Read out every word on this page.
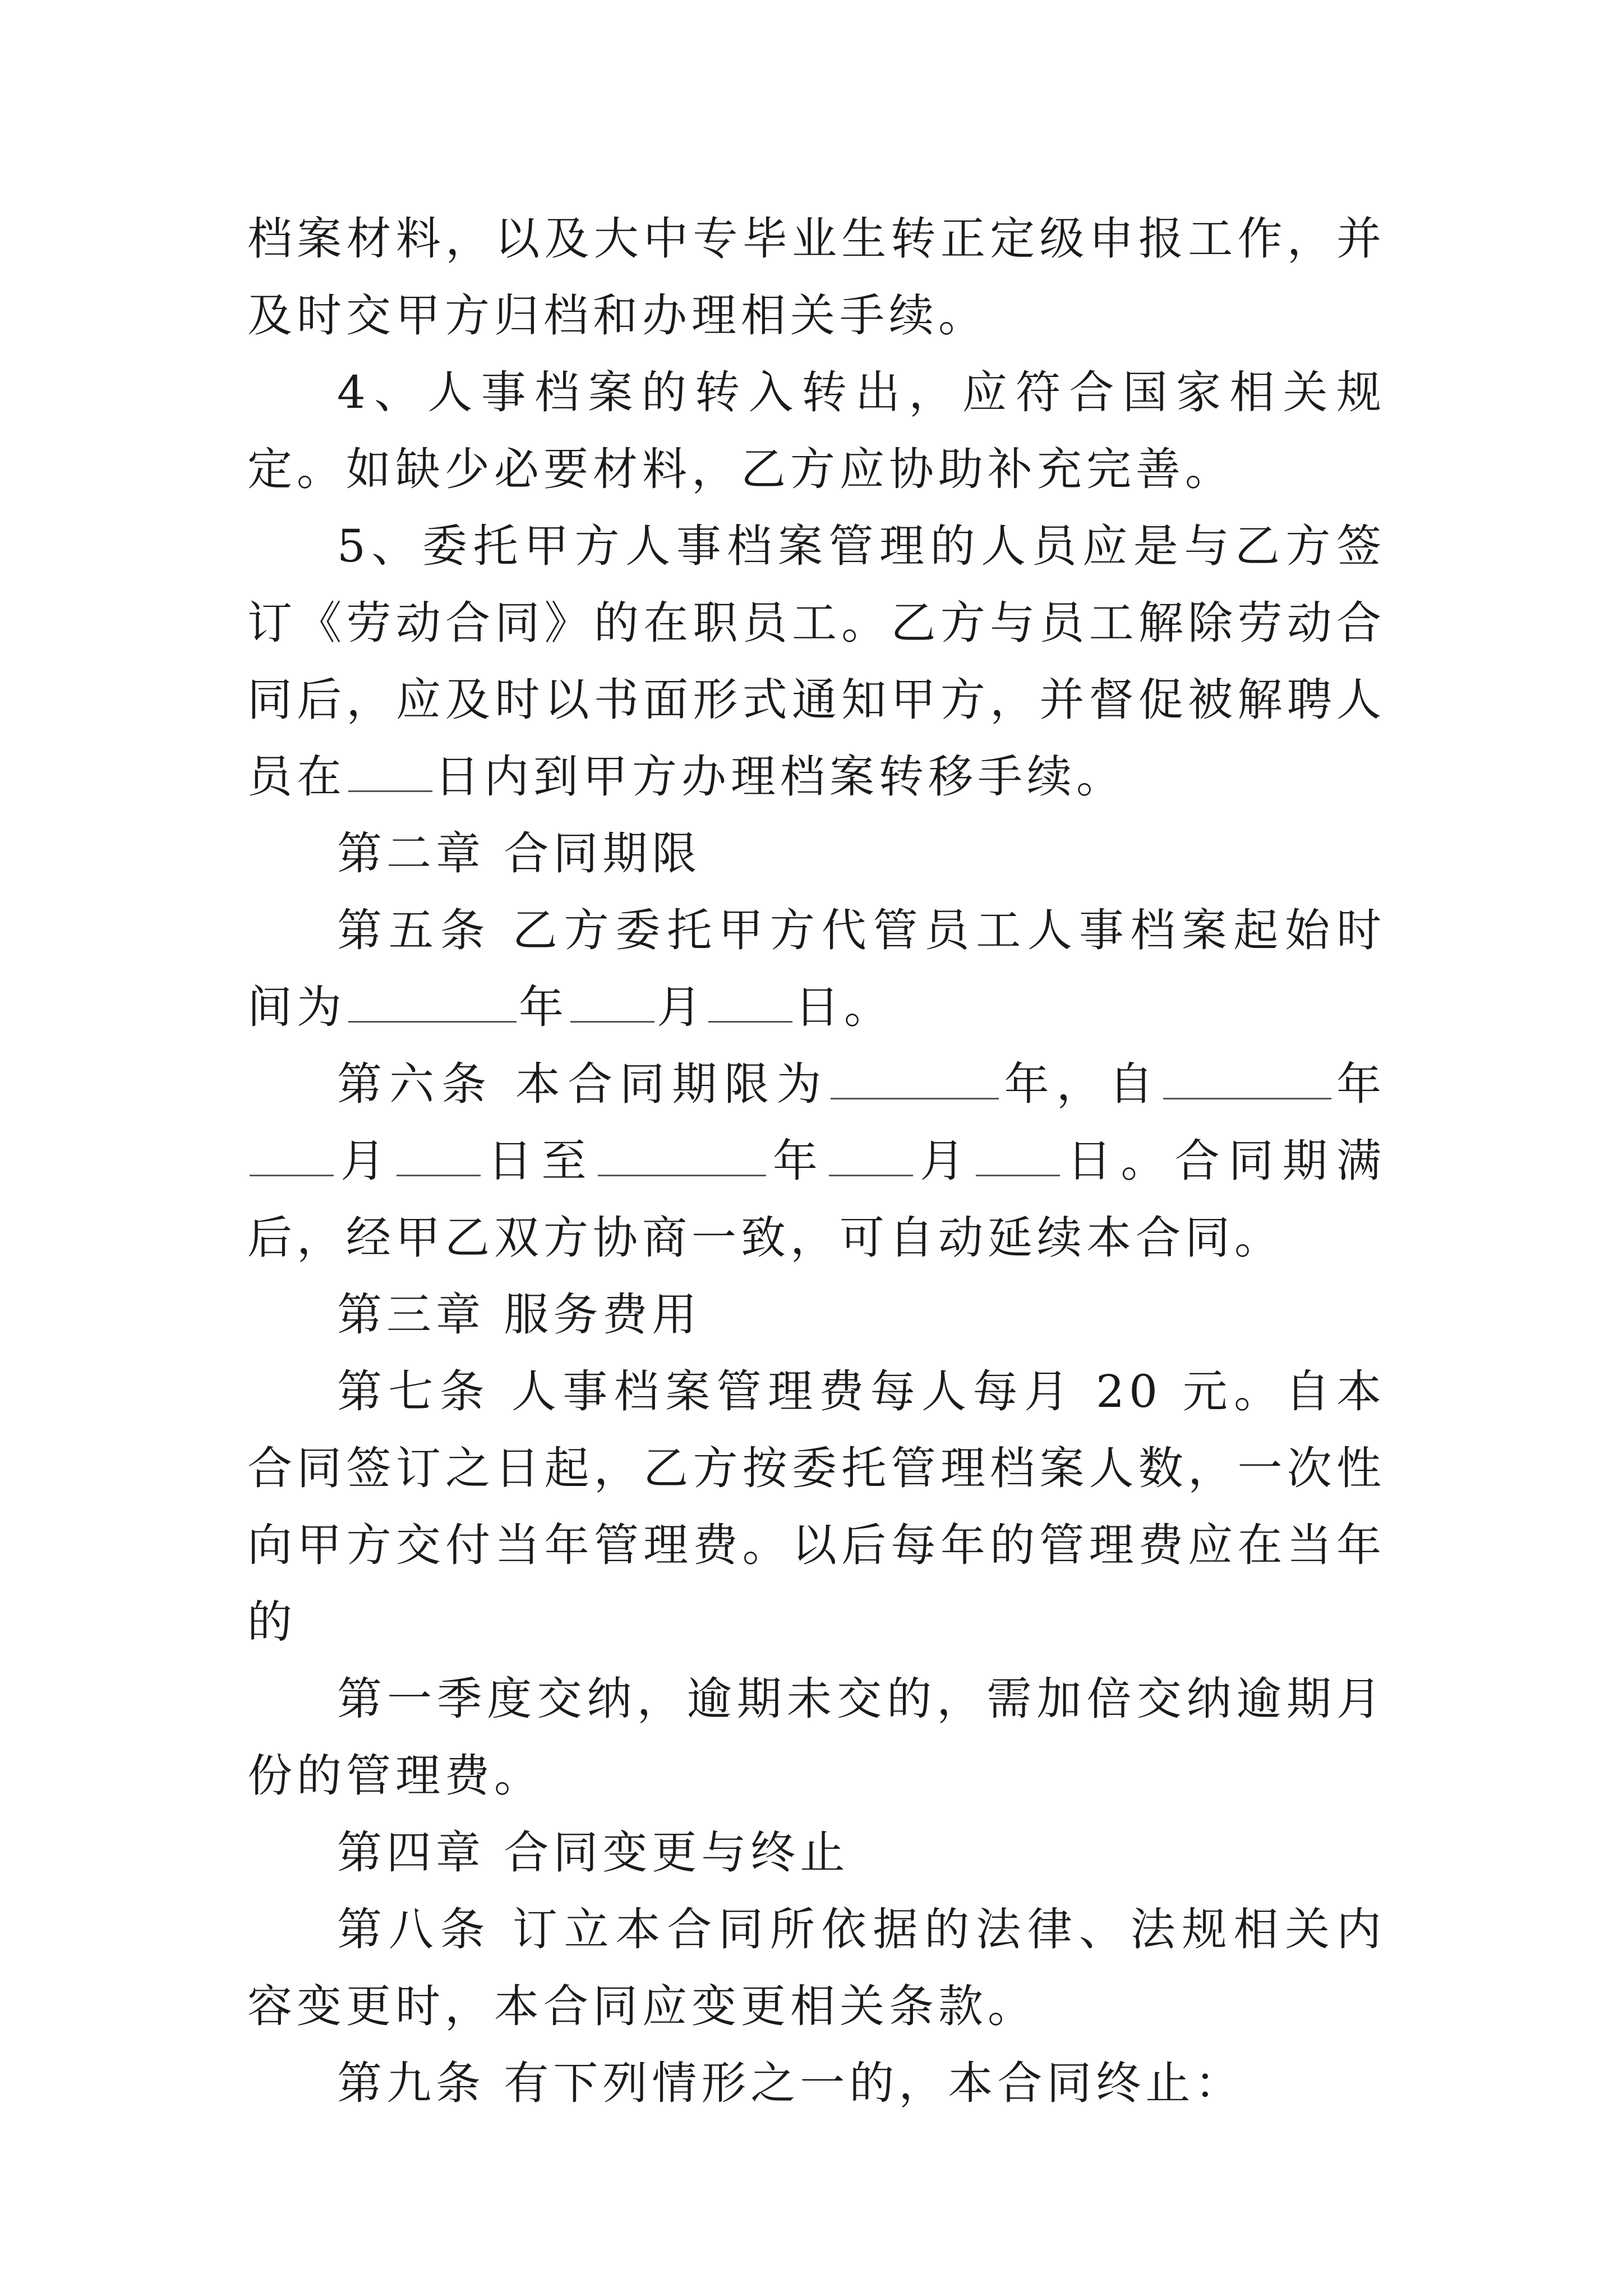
档案材料，以及大中专毕业生转正定级申报工作，并及时交甲方归档和办理相关手续。

4、人事档案的转入转出，应符合国家相关规定。如缺少必要材料，乙方应协助补充完善。

5、委托甲方人事档案管理的人员应是与乙方签订《劳动合同》的在职员工。乙方与员工解除劳动合同后，应及时以书面形式通知甲方，并督促被解聘人员在 日内到甲方办理档案转移手续。

第二章 合同期限

第五条 乙方委托甲方代管员工人事档案起始时间为	年 月 日。

第六条 本合同期限为	年，自	年月 日至	年 月 日。合同期满后，经甲乙双方协商一致，可自动延续本合同。

第三章 服务费用

第七条 人事档案管理费每人每月 20 元。自本合同签订之日起，乙方按委托管理档案人数，一次性向甲方交付当年管理费。以后每年的管理费应在当年的

第一季度交纳，逾期未交的，需加倍交纳逾期月份的管理费。

第四章 合同变更与终止

第八条 订立本合同所依据的法律、法规相关内容变更时，本合同应变更相关条款。

第九条 有下列情形之一的，本合同终止：
